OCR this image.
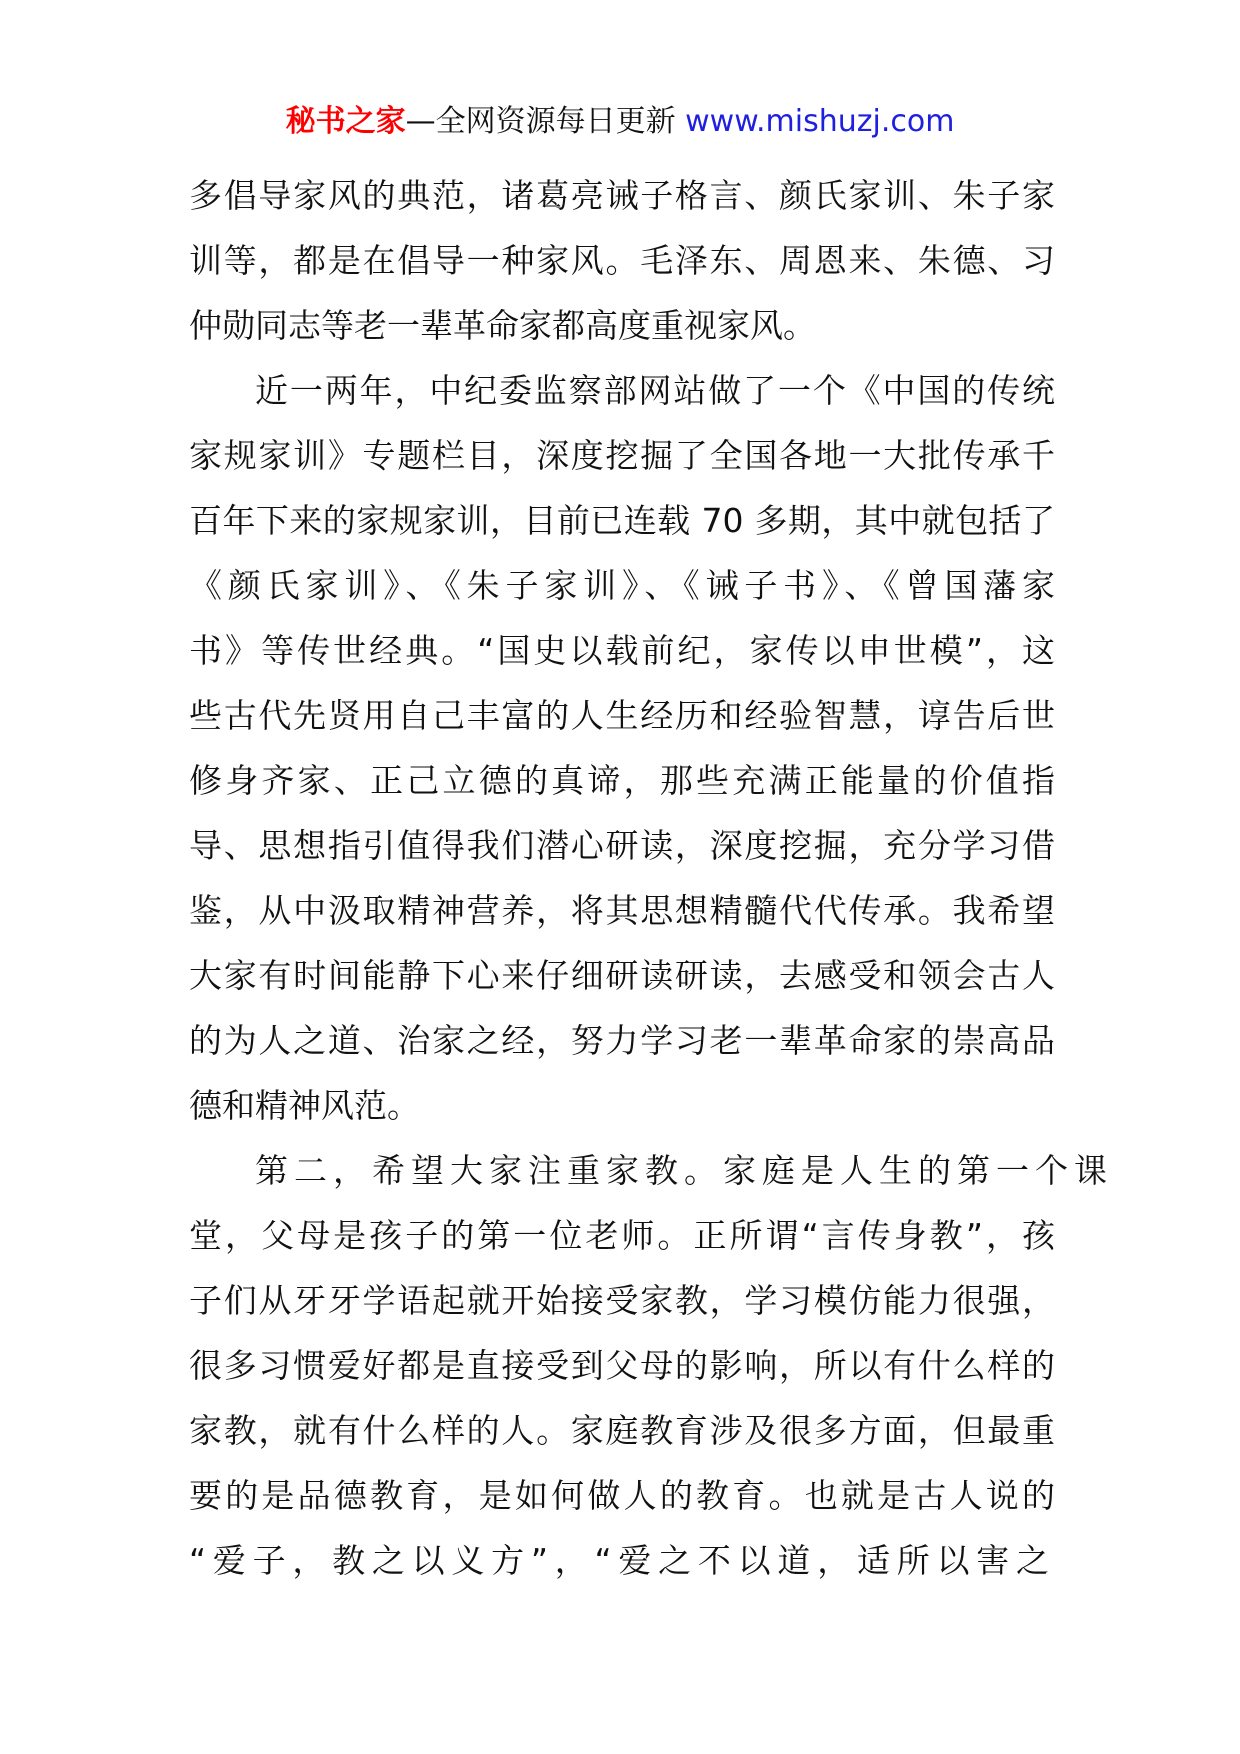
秘书之家—全网资源每日更新 www.mishuzj.com
多倡导家风的典范，诸葛亮诫子格言、颜氏家训、朱子家
训等，都是在倡导一种家风。毛泽东、周恩来、朱德、习
仲勋同志等老一辈革命家都高度重视家风。
近一两年，中纪委监察部网站做了一个《中国的传统
家规家训》专题栏目，深度挖掘了全国各地一大批传承千
百年下来的家规家训，目前已连载 70 多期，其中就包括了
《颜氏家训》、《朱子家训》、《诫子书》、《曾国藩家
书》等传世经典。“国史以载前纪，家传以申世模”，这
些古代先贤用自己丰富的人生经历和经验智慧，谆告后世
修身齐家、正己立德的真谛，那些充满正能量的价值指
导、思想指引值得我们潜心研读，深度挖掘，充分学习借
鉴，从中汲取精神营养，将其思想精髓代代传承。我希望
大家有时间能静下心来仔细研读研读，去感受和领会古人
的为人之道、治家之经，努力学习老一辈革命家的崇高品
德和精神风范。
第二，希望大家注重家教。家庭是人生的第一个课
堂，父母是孩子的第一位老师。正所谓“言传身教”，孩
子们从牙牙学语起就开始接受家教，学习模仿能力很强，
很多习惯爱好都是直接受到父母的影响，所以有什么样的
家教，就有什么样的人。家庭教育涉及很多方面，但最重
要的是品德教育，是如何做人的教育。也就是古人说的
“爱子，教之以义方”，“爱之不以道，适所以害之
